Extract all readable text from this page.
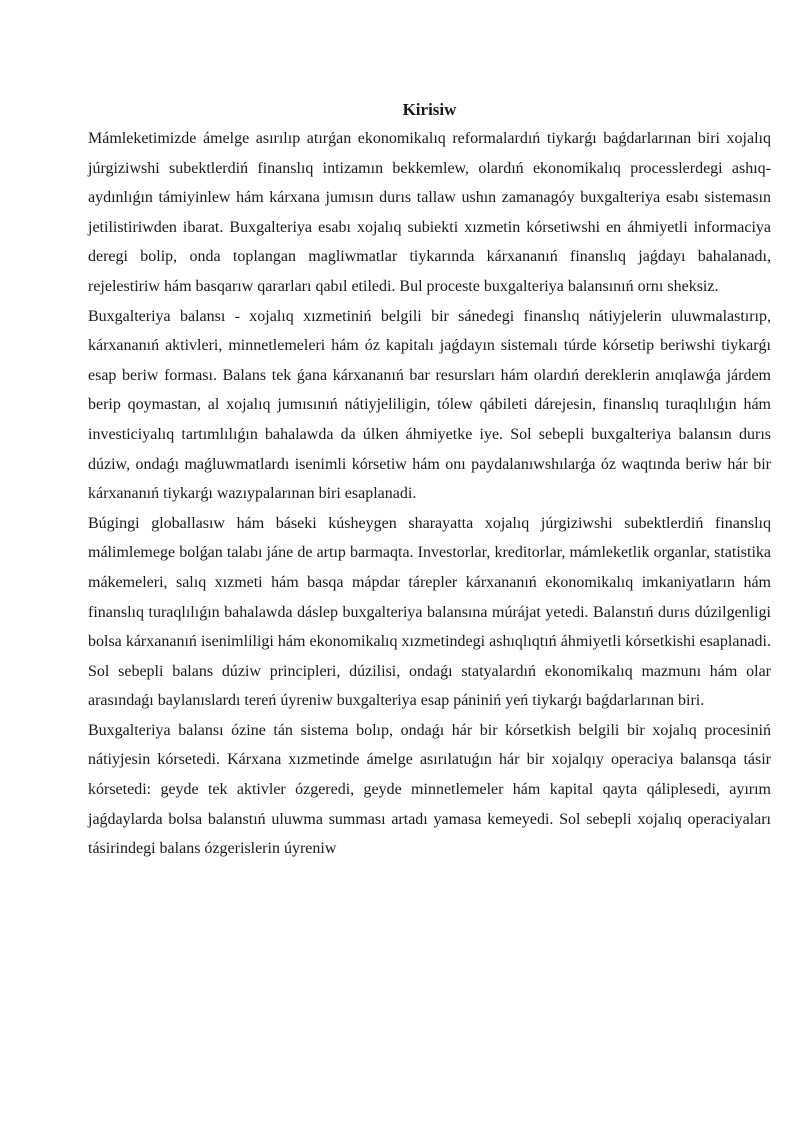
Kirisiw

Mámleketimizde ámelge asırılıp atırǵan ekonomikalıq reformalardıń tiykarǵı baǵdarlarınan biri xojalıq júrgiziwshi subektlerdiń finanslıq intizamın bekkemlew, olardıń ekonomikalıq processlerdegi ashıq-aydınlıǵın támiyinlew hám kárxana jumısın durıs tallaw ushın zamanagóy buxgalteriya esabı sistemasın jetilistiriwden ibarat. Buxgalteriya esabı xojalıq subiekti xızmetin kórsetiwshi en áhmiyetli informaciya deregi bolip, onda toplangan magliwmatlar tiykarında kárxananıń finanslıq jaǵdayı bahalanadı, rejelestiriw hám basqarıw qararları qabıl etiledi. Bul proceste buxgalteriya balansınıń ornı sheksiz.

Buxgalteriya balansı - xojalıq xızmetiniń belgili bir sánedegi finanslıq nátiyjelerin uluwmalastırıp, kárxananıń aktivleri, minnetlemeleri hám óz kapitalı jaǵdayın sistemalı túrde kórsetip beriwshi tiykarǵı esap beriw forması. Balans tek ǵana kárxananıń bar resursları hám olardıń dereklerin anıqlawǵa járdem berip qoymastan, al xojalıq jumısınıń nátiyjeliligin, tólew qábileti dárejesin, finanslıq turaqlılıǵın hám investiciyalıq tartımlılıǵın bahalawda da úlken áhmiyetke iye. Sol sebepli buxgalteriya balansın durıs dúziw, ondaǵı maǵluwmatlardı isenimli kórsetiw hám onı paydalanıwshılarǵa óz waqtında beriw hár bir kárxananıń tiykarǵı wazıypalarınan biri esaplanadi.

Búgingi globallasıw hám báseki kúsheygen sharayatta xojalıq júrgiziwshi subektlerdiń finanslıq málimlemege bolǵan talabı jáne de artıp barmaqta. Investorlar, kreditorlar, mámleketlik organlar, statistika mákemeleri, salıq xızmeti hám basqa mápdar tárepler kárxananıń ekonomikalıq imkaniyatların hám finanslıq turaqlılıǵın bahalawda dáslep buxgalteriya balansına múrájat yetedi. Balanstıń durıs dúzilgenligi bolsa kárxananıń isenimliligi hám ekonomikalıq xızmetindegi ashıqlıqtıń áhmiyetli kórsetkishi esaplanadi. Sol sebepli balans dúziw principleri, dúzilisi, ondaǵı statyalardıń ekonomikalıq mazmunı hám olar arasındaǵı baylanıslardı tereń úyreniw buxgalteriya esap pániniń yeń tiykarǵı baǵdarlarınan biri.

Buxgalteriya balansı ózine tán sistema bolıp, ondaǵı hár bir kórsetkish belgili bir xojalıq procesiniń nátiyjesin kórsetedi. Kárxana xızmetinde ámelge asırılatuǵın hár bir xojalqıy operaciya balansqa tásir kórsetedi: geyde tek aktivler ózgeredi, geyde minnetlemeler hám kapital qayta qáliplesedi, ayırım jaǵdaylarda bolsa balanstıń uluwma summası artadı yamasa kemeyedi. Sol sebepli xojalıq operaciyaları tásirindegi balans ózgerislerin úyreniw
